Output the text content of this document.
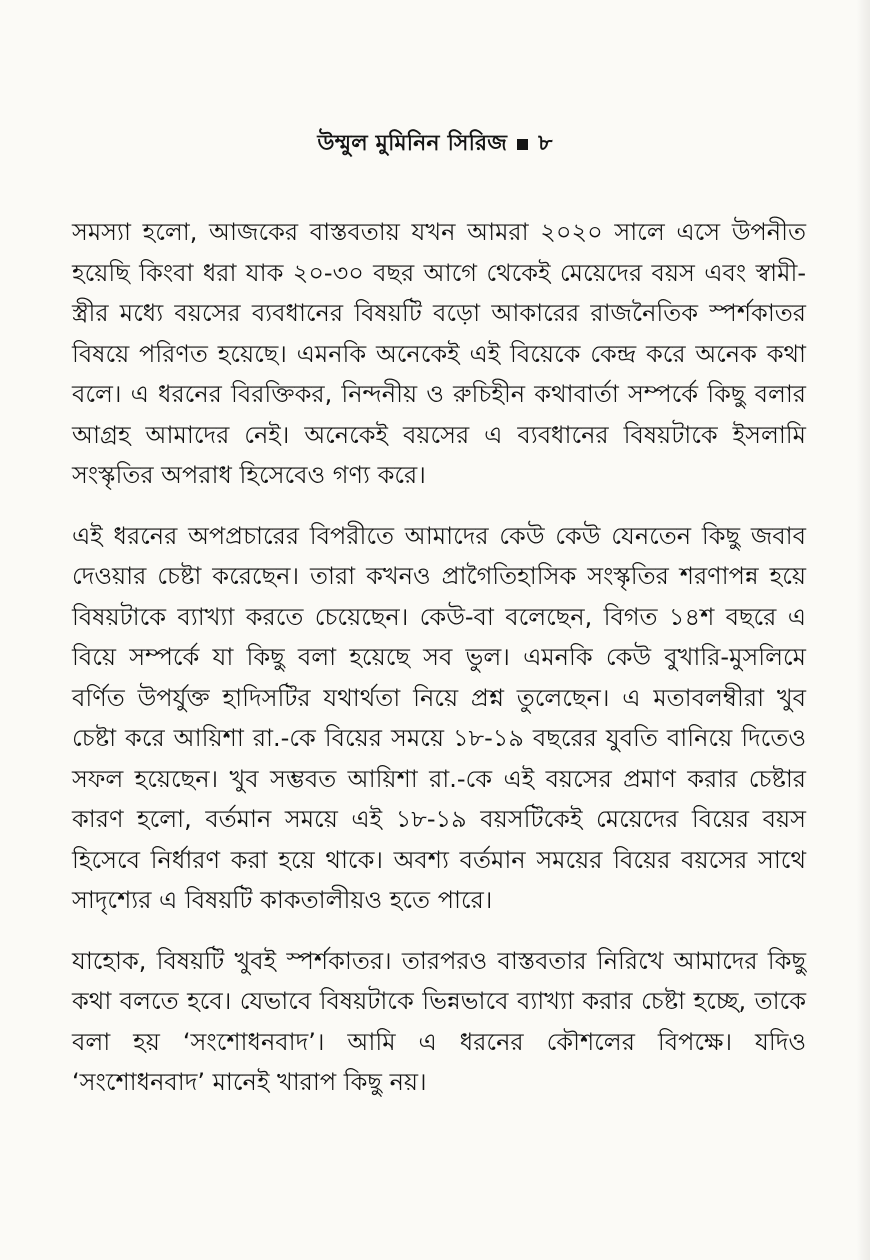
উম্মুল মুমিনিন সিরিজ ৮

সমস্যা হলো, আজকের বাস্তবতায় যখন আমরা ২০২০ সালে এসে উপনীত হয়েছি কিংবা ধরা যাক ২০-৩০ বছর আগে থেকেই মেয়েদের বয়স এবং স্বামী-স্ত্রীর মধ্যে বয়সের ব্যবধানের বিষয়টি বড়ো আকারের রাজনৈতিক স্পর্শকাতর বিষয়ে পরিণত হয়েছে। এমনকি অনেকেই এই বিয়েকে কেন্দ্র করে অনেক কথা বলে। এ ধরনের বিরক্তিকর, নিন্দনীয় ও রুচিহীন কথাবার্তা সম্পর্কে কিছু বলার আগ্রহ আমাদের নেই। অনেকেই বয়সের এ ব্যবধানের বিষয়টাকে ইসলামি সংস্কৃতির অপরাধ হিসেবেও গণ্য করে।

এই ধরনের অপপ্রচারের বিপরীতে আমাদের কেউ কেউ যেনতেন কিছু জবাব দেওয়ার চেষ্টা করেছেন। তারা কখনও প্রাগৈতিহাসিক সংস্কৃতির শরণাপন্ন হয়ে বিষয়টাকে ব্যাখ্যা করতে চেয়েছেন। কেউ-বা বলেছেন, বিগত ১৪শ বছরে এ বিয়ে সম্পর্কে যা কিছু বলা হয়েছে সব ভুল। এমনকি কেউ বুখারি-মুসলিমে বর্ণিত উপর্যুক্ত হাদিসটির যথার্থতা নিয়ে প্রশ্ন তুলেছেন। এ মতাবলম্বীরা খুব চেষ্টা করে আয়িশা রা.-কে বিয়ের সময়ে ১৮-১৯ বছরের যুবতি বানিয়ে দিতেও সফল হয়েছেন। খুব সম্ভবত আয়িশা রা.-কে এই বয়সের প্রমাণ করার চেষ্টার কারণ হলো, বর্তমান সময়ে এই ১৮-১৯ বয়সটিকেই মেয়েদের বিয়ের বয়স হিসেবে নির্ধারণ করা হয়ে থাকে। অবশ্য বর্তমান সময়ের বিয়ের বয়সের সাথে সাদৃশ্যের এ বিষয়টি কাকতালীয়ও হতে পারে।

যাহোক, বিষয়টি খুবই স্পর্শকাতর। তারপরও বাস্তবতার নিরিখে আমাদের কিছু কথা বলতে হবে। যেভাবে বিষয়টাকে ভিন্নভাবে ব্যাখ্যা করার চেষ্টা হচ্ছে, তাকে বলা হয় ‘সংশোধনবাদ’। আমি এ ধরনের কৌশলের বিপক্ষে। যদিও ‘সংশোধনবাদ’ মানেই খারাপ কিছু নয়।
